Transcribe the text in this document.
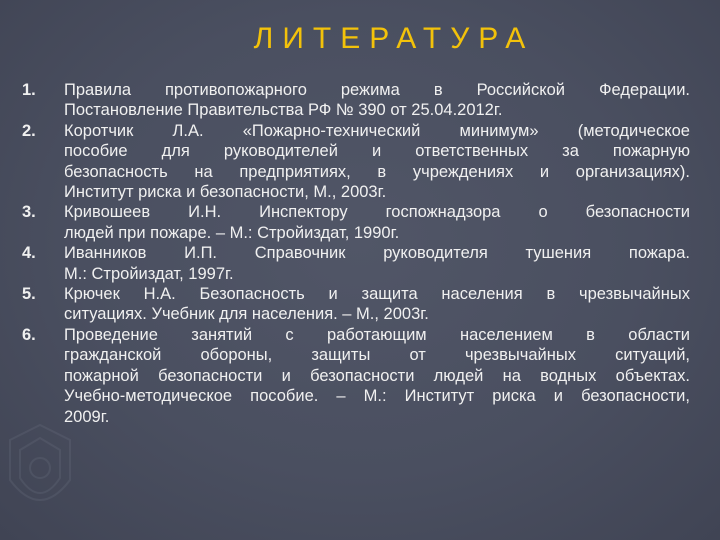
ЛИТЕРАТУРА
1.	Правила противопожарного режима в Российской Федерации.
Постановление Правительства РФ № 390 от 25.04.2012г.
2.	Коротчик Л.А. «Пожарно-технический минимум» (методическое
пособие для руководителей и ответственных за пожарную
безопасность на предприятиях, в учреждениях и организациях).
Институт риска и безопасности, М., 2003г.
3.	Кривошеев И.Н. Инспектору госпожнадзора о безопасности
людей при пожаре. – М.: Стройиздат, 1990г.
4.	Иванников И.П. Справочник руководителя тушения пожара.
М.: Стройиздат, 1997г.
5.	Крючек Н.А. Безопасность и защита населения в чрезвычайных
ситуациях. Учебник для населения. – М., 2003г.
6.	Проведение занятий с работающим населением в области
гражданской обороны, защиты от чрезвычайных ситуаций,
пожарной безопасности и безопасности людей на водных объектах.
Учебно-методическое пособие. – М.: Институт риска и безопасности,
2009г.
